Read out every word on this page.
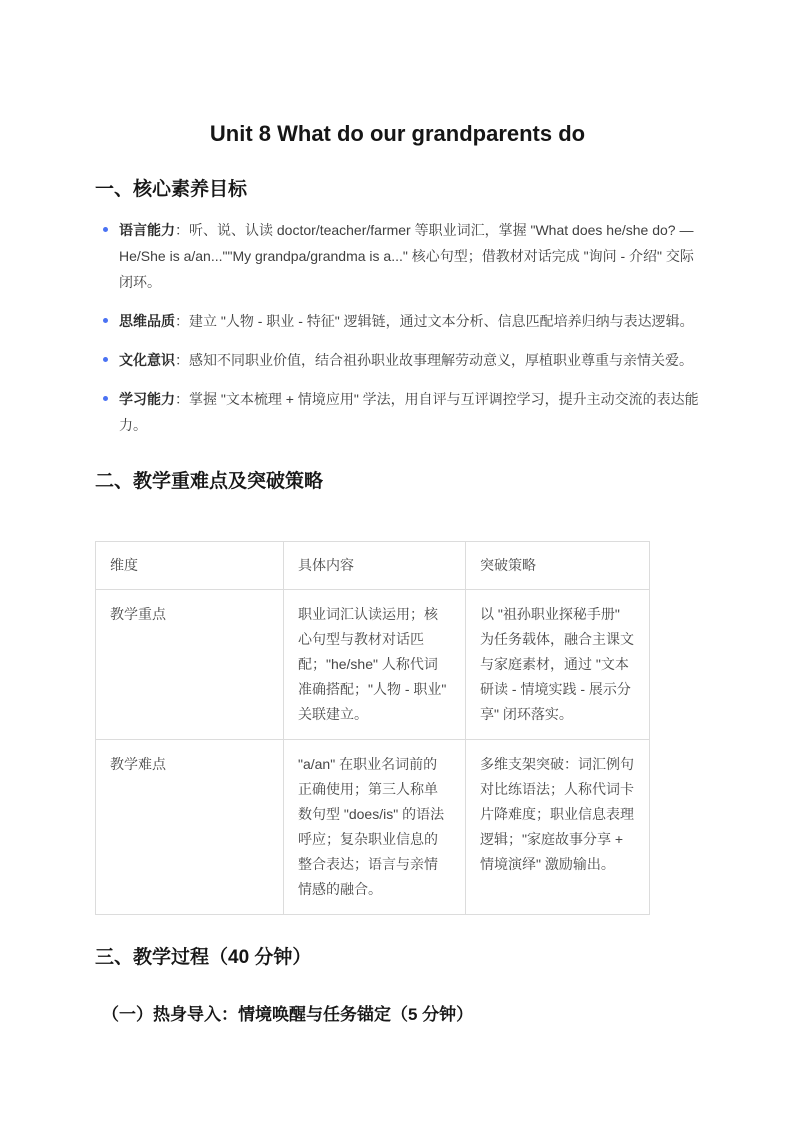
Unit 8 What do our grandparents do
一、核心素养目标
语言能力：听、说、认读 doctor/teacher/farmer 等职业词汇，掌握 "What does he/she do? —He/She is a/an...""My grandpa/grandma is a..." 核心句型；借教材对话完成 "询问 - 介绍" 交际闭环。
思维品质：建立 "人物 - 职业 - 特征" 逻辑链，通过文本分析、信息匹配培养归纳与表达逻辑。
文化意识：感知不同职业价值，结合祖孙职业故事理解劳动意义，厚植职业尊重与亲情关爱。
学习能力：掌握 "文本梳理 + 情境应用" 学法，用自评与互评调控学习，提升主动交流的表达能力。
二、教学重难点及突破策略
维度	具体内容	突破策略
教学重点	职业词汇认读运用；核心句型与教材对话匹配；"he/she" 人称代词准确搭配；"人物 - 职业" 关联建立。	以 "祖孙职业探秘手册" 为任务载体，融合主课文与家庭素材，通过 "文本研读 - 情境实践 - 展示分享" 闭环落实。
教学难点	"a/an" 在职业名词前的正确使用；第三人称单数句型 "does/is" 的语法呼应；复杂职业信息的整合表达；语言与亲情情感的融合。	多维支架突破：词汇例句对比练语法；人称代词卡片降难度；职业信息表理逻辑；"家庭故事分享 + 情境演绎" 激励输出。
三、教学过程（40 分钟）
（一）热身导入：情境唤醒与任务锚定（5 分钟）
